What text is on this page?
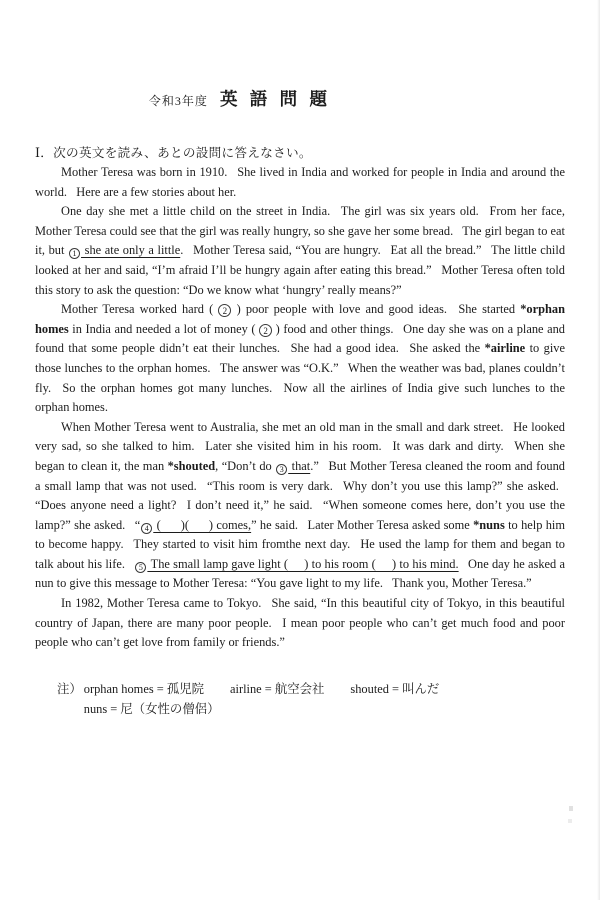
令和3年度 英 語 問 題
Ⅰ．次の英文を読み、あとの設問に答えなさい。

Mother Teresa was born in 1910.  She lived in India and worked for people in India and around the world.  Here are a few stories about her.

One day she met a little child on the street in India.  The girl was six years old.  From her face, Mother Teresa could see that the girl was really hungry, so she gave her some bread.  The girl began to eat it, but 1 she ate only a little.  Mother Teresa said, “You are hungry.  Eat all the bread.”  The little child looked at her and said, “I’m afraid I’ll be hungry again after eating this bread.”  Mother Teresa often told this story to ask the question: “Do we know what ‘hungry’ really means?”

Mother Teresa worked hard ( 2 ) poor people with love and good ideas.  She started *orphan homes in India and needed a lot of money ( 2 ) food and other things.  One day she was on a plane and found that some people didn’t eat their lunches.  She had a good idea.  She asked the *airline to give those lunches to the orphan homes.  The answer was “O.K.”  When the weather was bad, planes couldn’t fly.  So the orphan homes got many lunches.  Now all the airlines of India give such lunches to the orphan homes.

When Mother Teresa went to Australia, she met an old man in the small and dark street.  He looked very sad, so she talked to him.  Later she visited him in his room.  It was dark and dirty.  When she began to clean it, the man *shouted, “Don’t do 3 that.”  But Mother Teresa cleaned the room and found a small lamp that was not used.  “This room is very dark.  Why don’t you use this lamp?” she asked.  “Does anyone need a light?  I don’t need it,” he said.  “When someone comes here, don’t you use the lamp?” she asked.  “ 4 (      )(      ) comes,” he said.  Later Mother Teresa asked some *nuns to help him to become happy.  They started to visit him fromthe next day.  He used the lamp for them and began to talk about his life.  5 The small lamp gave light (     ) to his room (     ) to his mind.  One day he asked a nun to give this message to Mother Teresa: “You gave light to my life.  Thank you, Mother Teresa.”

In 1982, Mother Teresa came to Tokyo.  She said, “In this beautiful city of Tokyo, in this beautiful country of Japan, there are many poor people.  I mean poor people who can’t get much food and poor people who can’t get love from family or friends.”

注） orphan homes = 孤児院 airline = 航空会社 shouted = 叫んだ
nuns = 尼（女性の僧侶）
